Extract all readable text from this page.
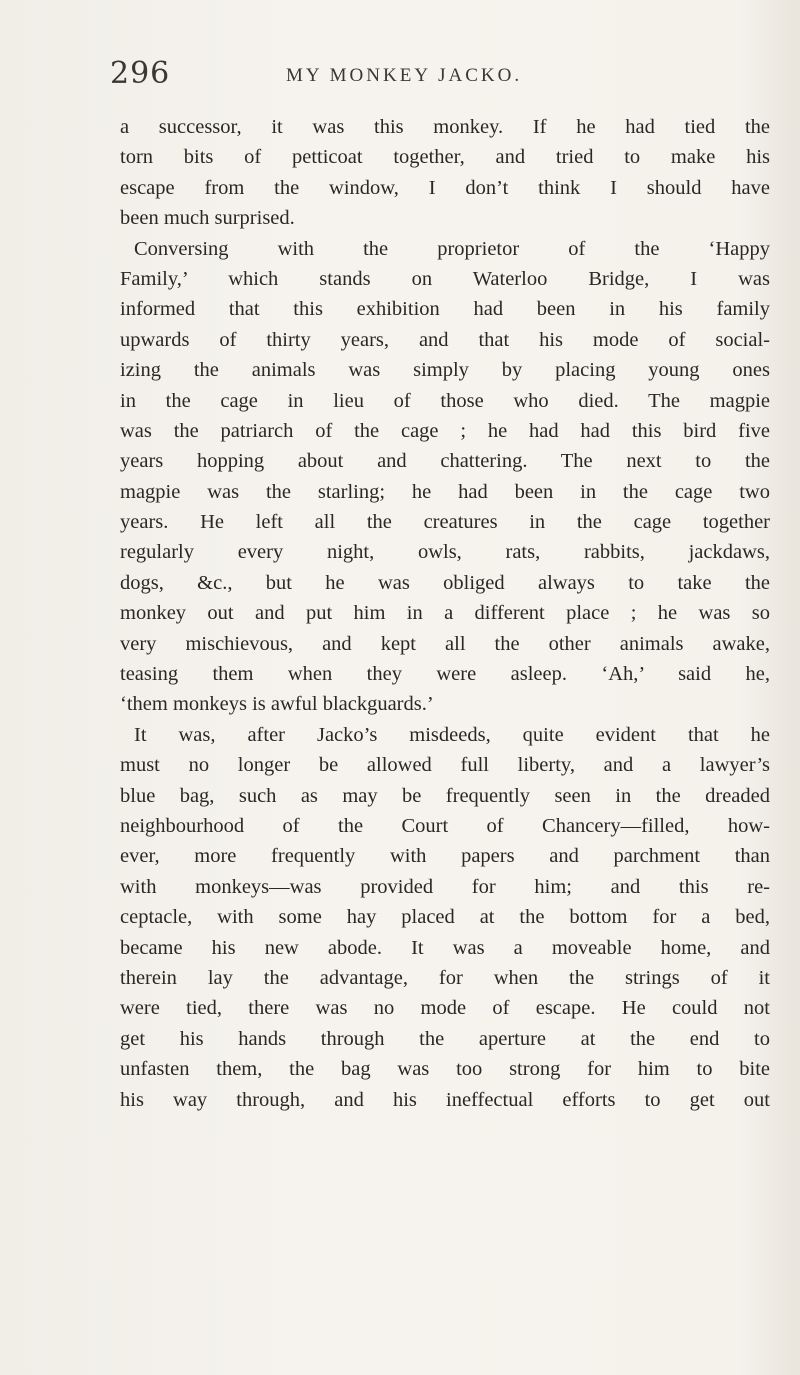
296	MY MONKEY JACKO.
a successor, it was this monkey. If he had tied the
torn bits of petticoat together, and tried to make his
escape from the window, I don’t think I should have
been much surprised.
Conversing with the proprietor of the ‘Happy
Family,’ which stands on Waterloo Bridge, I was
informed that this exhibition had been in his family
upwards of thirty years, and that his mode of social-
izing the animals was simply by placing young ones
in the cage in lieu of those who died. The magpie
was the patriarch of the cage ; he had had this bird five
years hopping about and chattering. The next to the
magpie was the starling; he had been in the cage two
years. He left all the creatures in the cage together
regularly every night, owls, rats, rabbits, jackdaws,
dogs, &c., but he was obliged always to take the
monkey out and put him in a different place ; he was so
very mischievous, and kept all the other animals awake,
teasing them when they were asleep. ‘Ah,’ said he,
‘them monkeys is awful blackguards.’
It was, after Jacko’s misdeeds, quite evident that he
must no longer be allowed full liberty, and a lawyer’s
blue bag, such as may be frequently seen in the dreaded
neighbourhood of the Court of Chancery—filled, how-
ever, more frequently with papers and parchment than
with monkeys—was provided for him; and this re-
ceptacle, with some hay placed at the bottom for a bed,
became his new abode. It was a moveable home, and
therein lay the advantage, for when the strings of it
were tied, there was no mode of escape. He could not
get his hands through the aperture at the end to
unfasten them, the bag was too strong for him to bite
his way through, and his ineffectual efforts to get out
